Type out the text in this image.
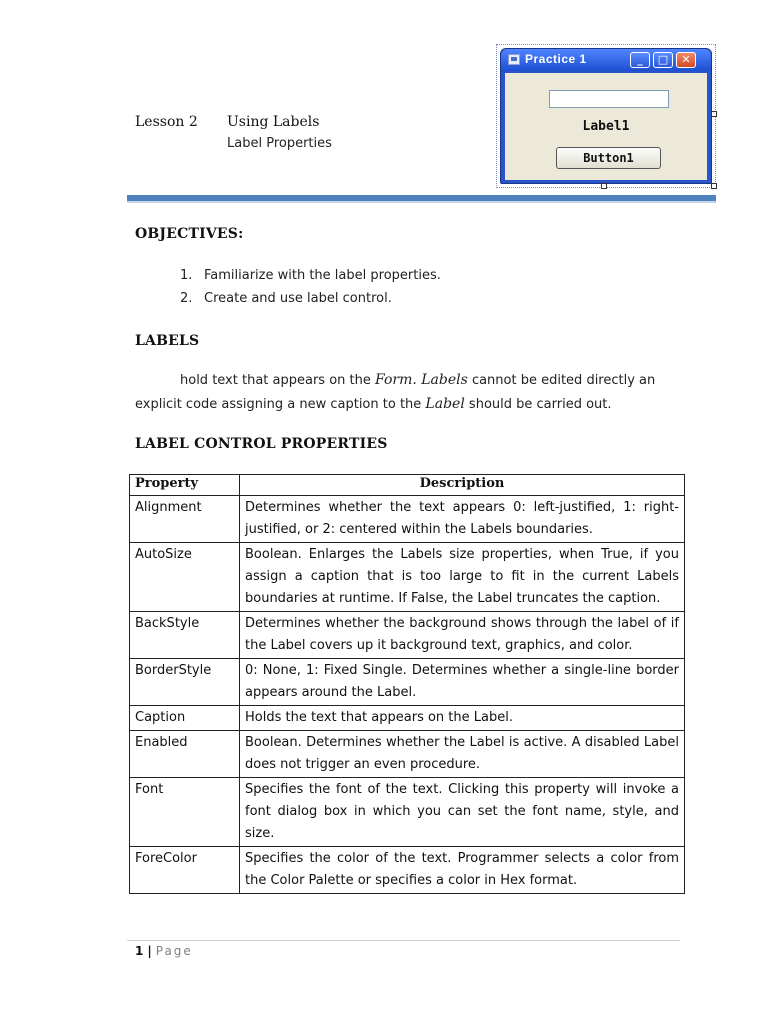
Lesson 2 Using Labels
Label Properties
Practice 1	_	□	✕
Label1
Button1
OBJECTIVES:
1. Familiarize with the label properties.
2. Create and use label control.
LABELS
hold text that appears on the Form. Labels cannot be edited directly an
explicit code assigning a new caption to the Label should be carried out.
LABEL CONTROL PROPERTIES
Property	Description
Alignment	Determines whether the text appears 0: left-justified, 1: right-justified, or 2: centered within the Labels boundaries.
AutoSize	Boolean. Enlarges the Labels size properties, when True, if you assign a caption that is too large to fit in the current Labels boundaries at runtime. If False, the Label truncates the caption.
BackStyle	Determines whether the background shows through the label of if the Label covers up it background text, graphics, and color.
BorderStyle	0: None, 1: Fixed Single. Determines whether a single-line border appears around the Label.
Caption	Holds the text that appears on the Label.
Enabled	Boolean. Determines whether the Label is active. A disabled Label does not trigger an even procedure.
Font	Specifies the font of the text. Clicking this property will invoke a font dialog box in which you can set the font name, style, and size.
ForeColor	Specifies the color of the text. Programmer selects a color from the Color Palette or specifies a color in Hex format.
1 | Page
